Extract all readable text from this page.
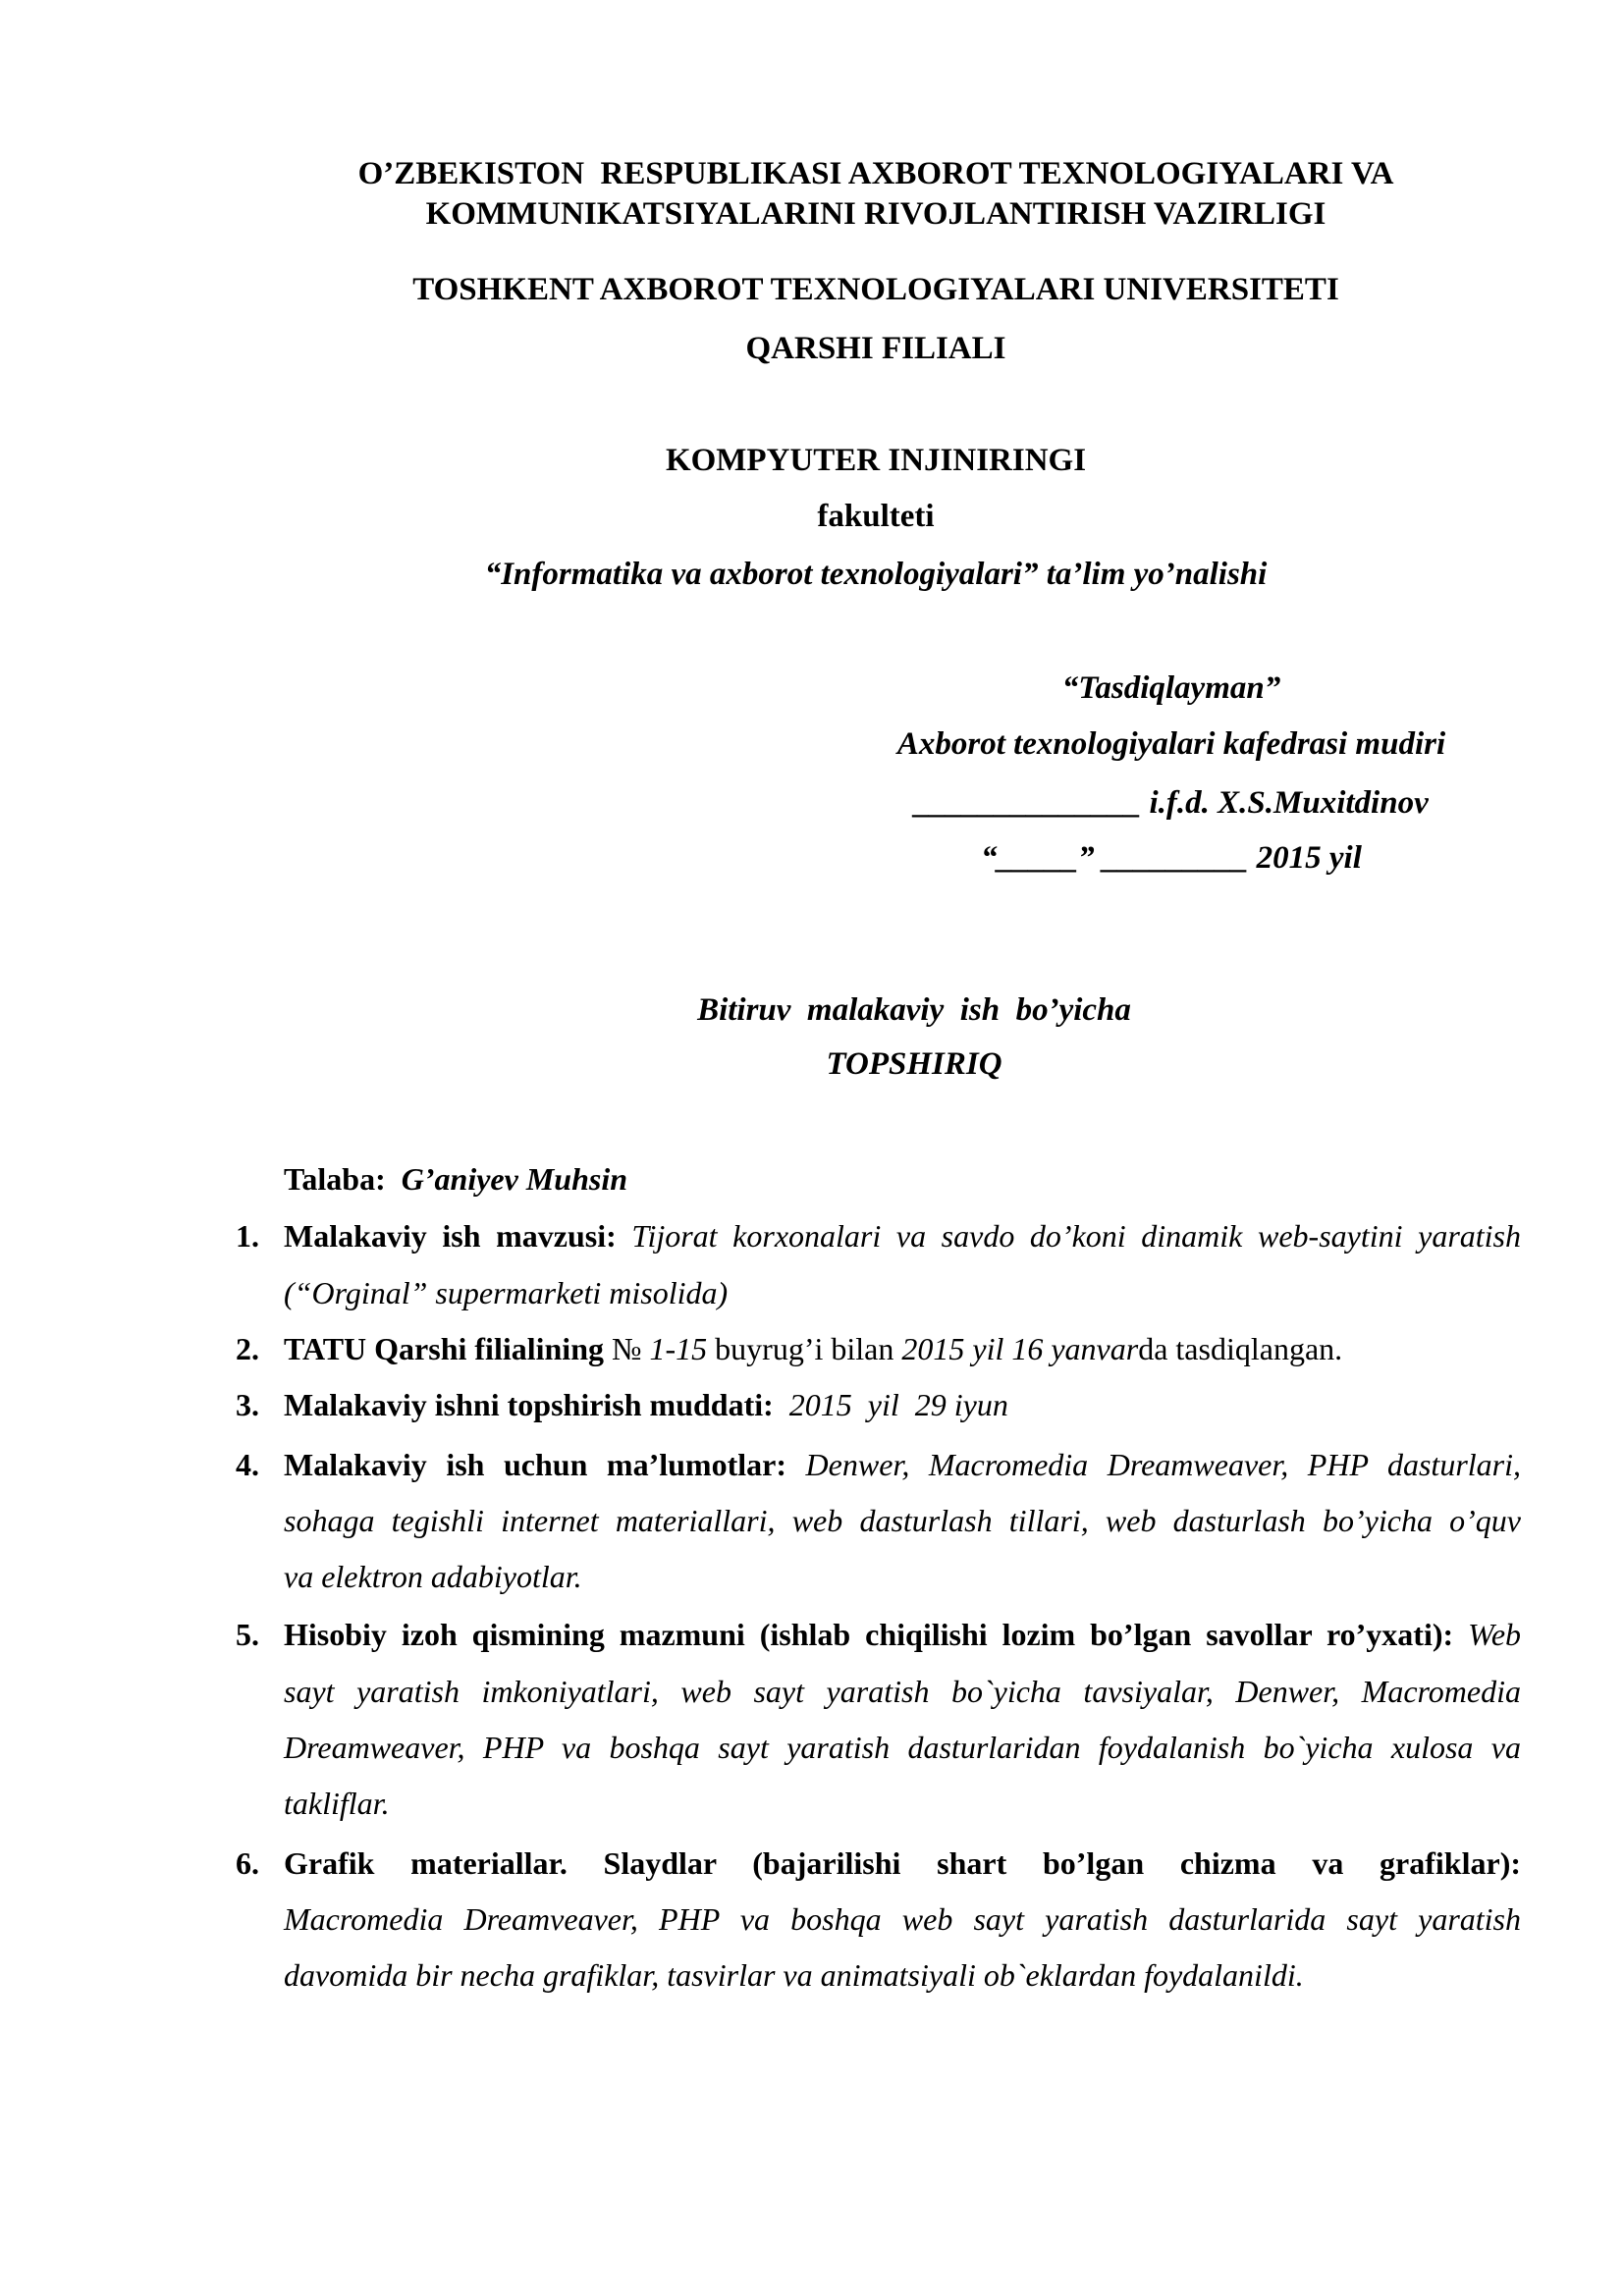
O’ZBEKISTON  RESPUBLIKASI AXBOROT TEXNOLOGIYALARI VA
KOMMUNIKATSIYALARINI RIVOJLANTIRISH VAZIRLIGI
TOSHKENT AXBOROT TEXNOLOGIYALARI UNIVERSITETI
QARSHI FILIALI
KOMPYUTER INJINIRINGI
fakulteti
“Informatika va axborot texnologiyalari” ta’lim yo’nalishi
“Tasdiqlayman”
Axborot texnologiyalari kafedrasi mudiri
______________ i.f.d. X.S.Muxitdinov
“_____” _________ 2015 yil
Bitiruv  malakaviy  ish  bo’yicha
TOPSHIRIQ
Talaba: G’aniyev Muhsin
1. Malakaviy ish mavzusi: Tijorat korxonalari va savdo do’koni dinamik web-saytini yaratish
(“Orginal” supermarketi misolida)
2. TATU Qarshi filialining № 1-15 buyrug’i bilan 2015 yil 16 yanvarda tasdiqlangan.
3. Malakaviy ishni topshirish muddati: 2015  yil  29 iyun
4. Malakaviy ish uchun ma’lumotlar: Denwer, Macromedia Dreamweaver, PHP dasturlari,
sohaga tegishli internet materiallari, web dasturlash tillari, web dasturlash bo’yicha o’quv
va elektron adabiyotlar.
5. Hisobiy izoh qismining mazmuni (ishlab chiqilishi lozim bo’lgan savollar ro’yxati): Web
sayt yaratish imkoniyatlari, web sayt yaratish bo`yicha tavsiyalar, Denwer, Macromedia
Dreamweaver, PHP va boshqa sayt yaratish dasturlaridan foydalanish bo`yicha xulosa va
takliflar.
6. Grafik materiallar. Slaydlar (bajarilishi shart bo’lgan chizma va grafiklar):
Macromedia Dreamveaver, PHP va boshqa web sayt yaratish dasturlarida sayt yaratish
davomida bir necha grafiklar, tasvirlar va animatsiyali ob`eklardan foydalanildi.
